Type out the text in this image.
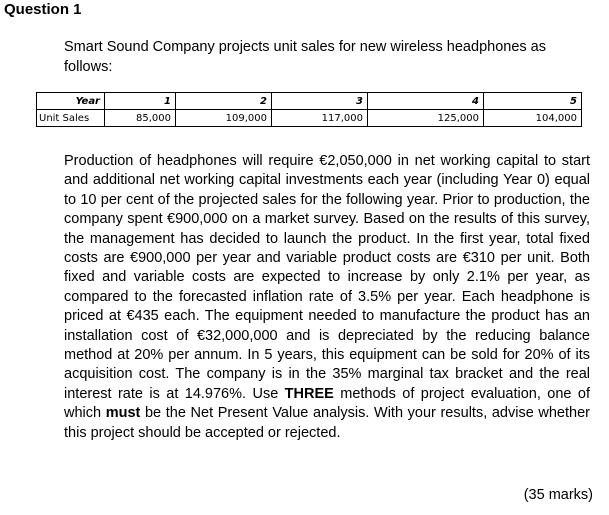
Question 1
Smart Sound Company projects unit sales for new wireless headphones as follows:
Year	1	2	3	4	5
Unit Sales	85,000	109,000	117,000	125,000	104,000
Production of headphones will require €2,050,000 in net working capital to start and additional net working capital investments each year (including Year 0) equal to 10 per cent of the projected sales for the following year. Prior to production, the company spent €900,000 on a market survey. Based on the results of this survey, the management has decided to launch the product. In the first year, total fixed costs are €900,000 per year and variable product costs are €310 per unit. Both fixed and variable costs are expected to increase by only 2.1% per year, as compared to the forecasted inflation rate of 3.5% per year. Each headphone is priced at €435 each. The equipment needed to manufacture the product has an installation cost of €32,000,000 and is depreciated by the reducing balance method at 20% per annum. In 5 years, this equipment can be sold for 20% of its acquisition cost. The company is in the 35% marginal tax bracket and the real interest rate is at 14.976%. Use THREE methods of project evaluation, one of which must be the Net Present Value analysis. With your results, advise whether this project should be accepted or rejected.
(35 marks)
